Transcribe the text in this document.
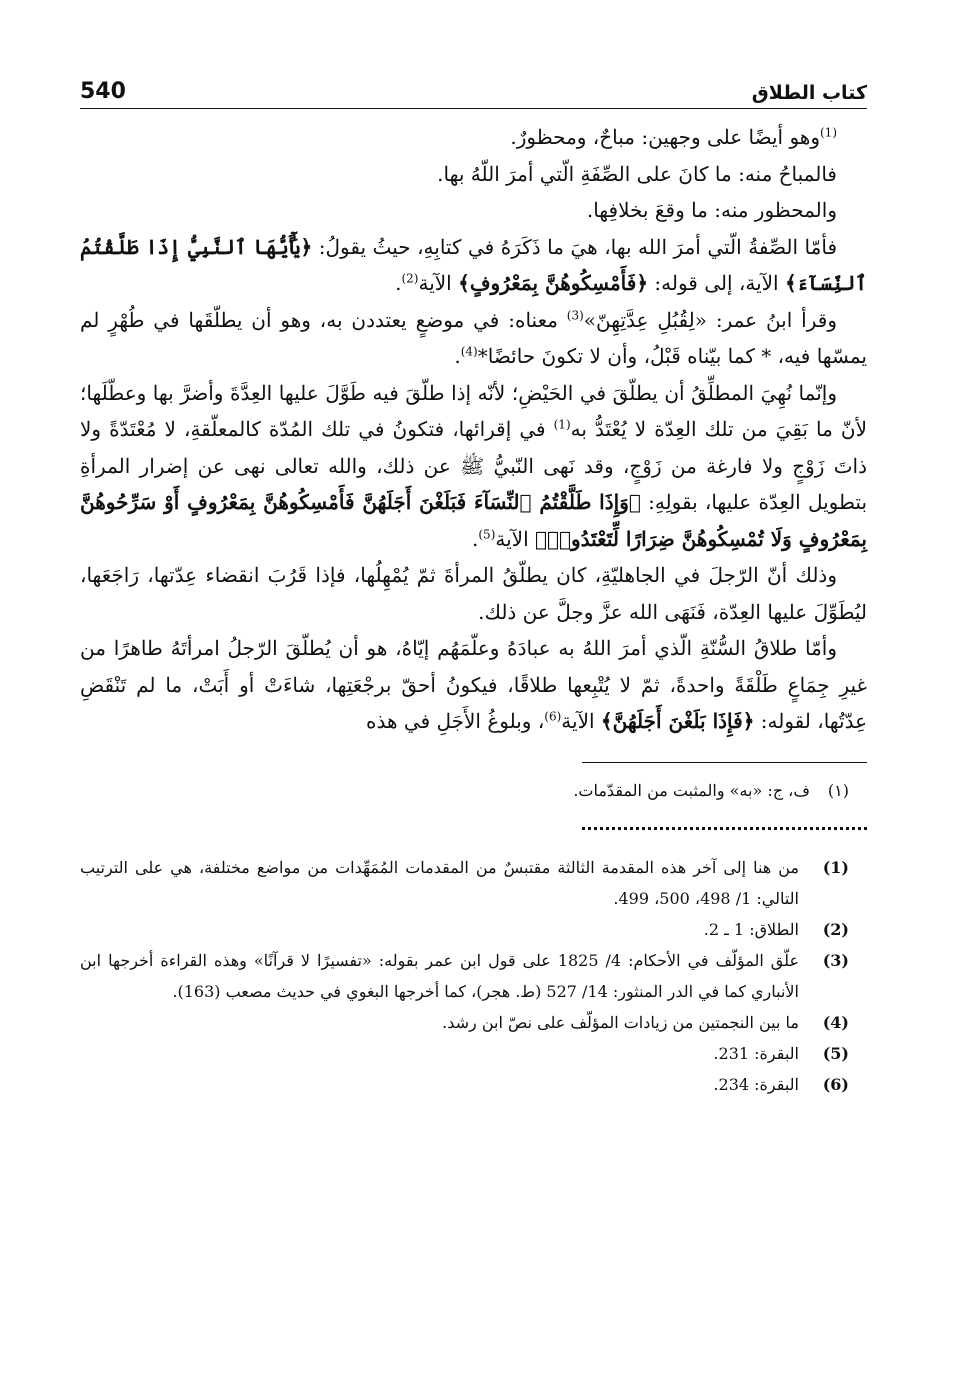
كتاب الطلاق
540

$^{(1)}$وهو أيضًا على وجهين: مباحٌ، ومحظورٌ.

فالمباحُ منه: ما كانَ على الصِّفَةِ الّتي أمرَ اللّهُ بها.

والمحظور منه: ما وقعَ بخلافِها.

فأمّا الصِّفةُ الّتي أمرَ الله بها، هيَ ما ذَكَرَهُ في كتابِهِ، حيثُ يقولُ: ﴿يَٰٓأَيُّهَا ٱلنَّبِيُّ إِذَا طَلَّقْتُمُ ٱلنِّسَآءَ﴾ الآية، إلى قوله: ﴿فَأَمْسِكُوهُنَّ بِمَعْرُوفٍ﴾ الآية$^{(2)}$.

وقرأ ابنُ عمر: «لِقُبُلِ عِدَّتِهِنّ»$^{(3)}$ معناه: في موضعٍ يعتددن به، وهو أن يطلّقَها في طُهْرٍ لم يمسّها فيه، * كما بيّناه قَبْلُ، وأن لا تكونَ حائضًا*$^{(4)}$.

وإنّما نُهِيَ المطلِّقُ أن يطلّقَ في الحَيْضِ؛ لأنّه إذا طلّقَ فيه طَوَّلَ عليها العِدَّةَ وأضرَّ بها وعطّلَها؛ لأنّ ما بَقِيَ من تلك العِدّة لا يُعْتَدُّ به$^{(1)}$ في إقرائها، فتكونُ في تلك المُدّة كالمعلّقةِ، لا مُعْتَدّةً ولا ذاتَ زَوْجٍ ولا فارغة من زَوْجٍ، وقد نَهى النّبيُّ ﷺ عن ذلك، والله تعالى نهى عن إضرار المرأةِ بتطويل العِدّة عليها، بقولِهِ: ﴿وَإِذَا طَلَّقْتُمُ ٱلنِّسَآءَ فَبَلَغْنَ أَجَلَهُنَّ فَأَمْسِكُوهُنَّ بِمَعْرُوفٍ أَوْ سَرِّحُوهُنَّ بِمَعْرُوفٍ وَلَا تُمْسِكُوهُنَّ ضِرَارًا لِّتَعْتَدُوا۟﴾ الآية$^{(5)}$.

وذلك أنّ الرّجلَ في الجاهليّةِ، كان يطلّقُ المرأةَ ثمّ يُمْهِلُها، فإذا قَرُبَ انقضاء عِدّتها، رَاجَعَها، ليُطَوِّلَ عليها العِدّة، فَنَهَى الله عزَّ وجلَّ عن ذلك.

وأمّا طلاقُ السُّنّةِ الّذي أمرَ اللهُ به عبادَهُ وعلّمَهُم إيّاهُ، هو أن يُطلّقَ الرّجلُ امرأتَهُ طاهرًا من غيرِ جِمَاعٍ طَلْقَةً واحدةً، ثمّ لا يُتْبِعها طلاقًا، فيكونُ أحقّ برجْعَتِها، شاءَتْ أو أَبَتْ، ما لم تَنْقَضِ عِدّتُها، لقوله: ﴿فَإِذَا بَلَغْنَ أَجَلَهُنَّ﴾ الآية$^{(6)}$، وبلوغُ الأَجَلِ في هذه

(١)
ف، ج: «به» والمثبت من المقدّمات.
(1)
من هنا إلى آخر هذه المقدمة الثالثة مقتبسٌ من المقدمات المُمَهِّدات من مواضع مختلفة، هي على الترتيب التالي: 1/ 498، 500، 499.
(2)
الطلاق: 1 ـ 2.
(3)
علّق المؤلّف في الأحكام: 4/ 1825 على قول ابن عمر بقوله: «تفسيرًا لا قرآنًا» وهذه القراءة أخرجها ابن الأنباري كما في الدر المنثور: 14/ 527 (ط. هجر)، كما أخرجها البغوي في حديث مصعب (163).
(4)
ما بين النجمتين من زيادات المؤلّف على نصّ ابن رشد.
(5)
البقرة: 231.
(6)
البقرة: 234.
